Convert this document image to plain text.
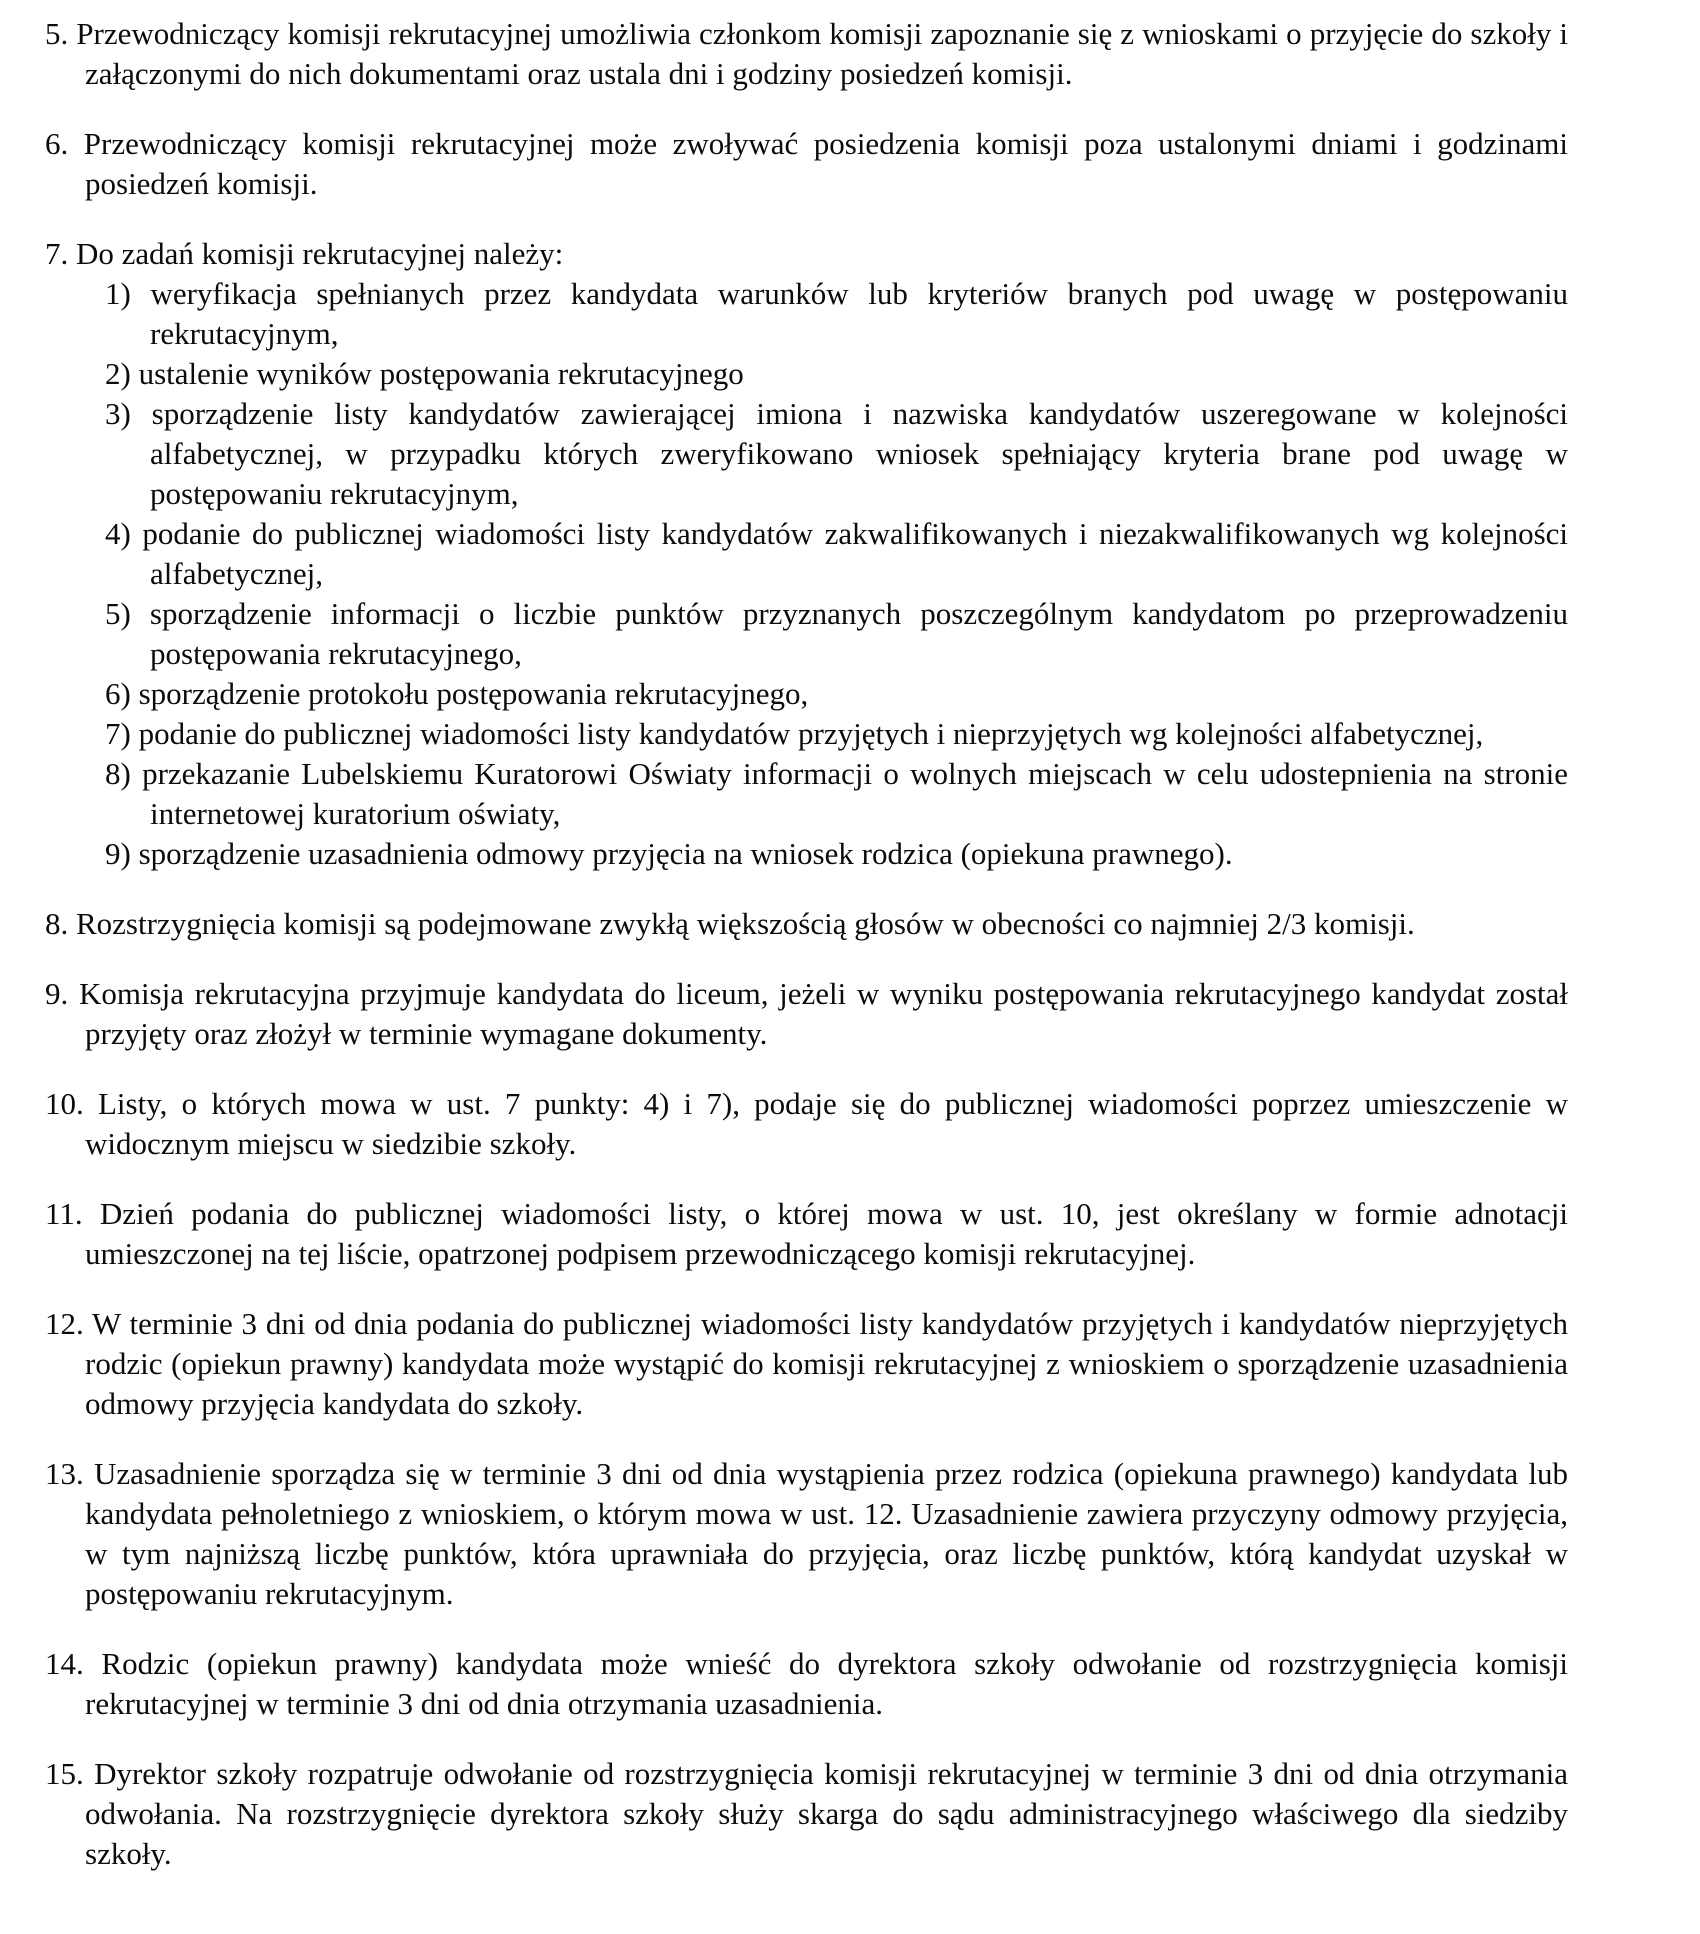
5. Przewodniczący komisji rekrutacyjnej umożliwia członkom komisji zapoznanie się z wnioskami o przyjęcie do szkoły i załączonymi do nich dokumentami oraz ustala dni i godziny posiedzeń komisji.
6. Przewodniczący komisji rekrutacyjnej może zwoływać posiedzenia komisji poza ustalonymi dniami i godzinami posiedzeń komisji.
7. Do zadań komisji rekrutacyjnej należy:
1) weryfikacja spełnianych przez kandydata warunków lub kryteriów branych pod uwagę w postępowaniu rekrutacyjnym,
2) ustalenie wyników postępowania rekrutacyjnego
3) sporządzenie listy kandydatów zawierającej imiona i nazwiska kandydatów uszeregowane w kolejności alfabetycznej, w przypadku których zweryfikowano wniosek spełniający kryteria brane pod uwagę w postępowaniu rekrutacyjnym,
4) podanie do publicznej wiadomości listy kandydatów zakwalifikowanych i niezakwalifikowanych wg kolejności alfabetycznej,
5) sporządzenie informacji o liczbie punktów przyznanych poszczególnym kandydatom po przeprowadzeniu postępowania rekrutacyjnego,
6) sporządzenie protokołu postępowania rekrutacyjnego,
7) podanie do publicznej wiadomości listy kandydatów przyjętych i nieprzyjętych wg kolejności alfabetycznej,
8) przekazanie Lubelskiemu Kuratorowi Oświaty informacji o wolnych miejscach w celu udostepnienia na stronie internetowej kuratorium oświaty,
9) sporządzenie uzasadnienia odmowy przyjęcia na wniosek rodzica (opiekuna prawnego).
8. Rozstrzygnięcia komisji są podejmowane zwykłą większością głosów w obecności co najmniej 2/3 komisji.
9. Komisja rekrutacyjna przyjmuje kandydata do liceum, jeżeli w wyniku postępowania rekrutacyjnego kandydat został przyjęty oraz złożył w terminie wymagane dokumenty.
10. Listy, o których mowa w ust. 7 punkty: 4) i 7), podaje się do publicznej wiadomości poprzez umieszczenie w widocznym miejscu w siedzibie szkoły.
11. Dzień podania do publicznej wiadomości listy, o której mowa w ust. 10, jest określany w formie adnotacji umieszczonej na tej liście, opatrzonej podpisem przewodniczącego komisji rekrutacyjnej.
12. W terminie 3 dni od dnia podania do publicznej wiadomości listy kandydatów przyjętych i kandydatów nieprzyjętych rodzic (opiekun prawny) kandydata może wystąpić do komisji rekrutacyjnej z wnioskiem o sporządzenie uzasadnienia odmowy przyjęcia kandydata do szkoły.
13. Uzasadnienie sporządza się w terminie 3 dni od dnia wystąpienia przez rodzica (opiekuna prawnego) kandydata lub kandydata pełnoletniego z wnioskiem, o którym mowa w ust. 12. Uzasadnienie zawiera przyczyny odmowy przyjęcia, w tym najniższą liczbę punktów, która uprawniała do przyjęcia, oraz liczbę punktów, którą kandydat uzyskał w postępowaniu rekrutacyjnym.
14. Rodzic (opiekun prawny) kandydata może wnieść do dyrektora szkoły odwołanie od rozstrzygnięcia komisji rekrutacyjnej w terminie 3 dni od dnia otrzymania uzasadnienia.
15. Dyrektor szkoły rozpatruje odwołanie od rozstrzygnięcia komisji rekrutacyjnej w terminie 3 dni od dnia otrzymania odwołania. Na rozstrzygnięcie dyrektora szkoły służy skarga do sądu administracyjnego właściwego dla siedziby szkoły.
